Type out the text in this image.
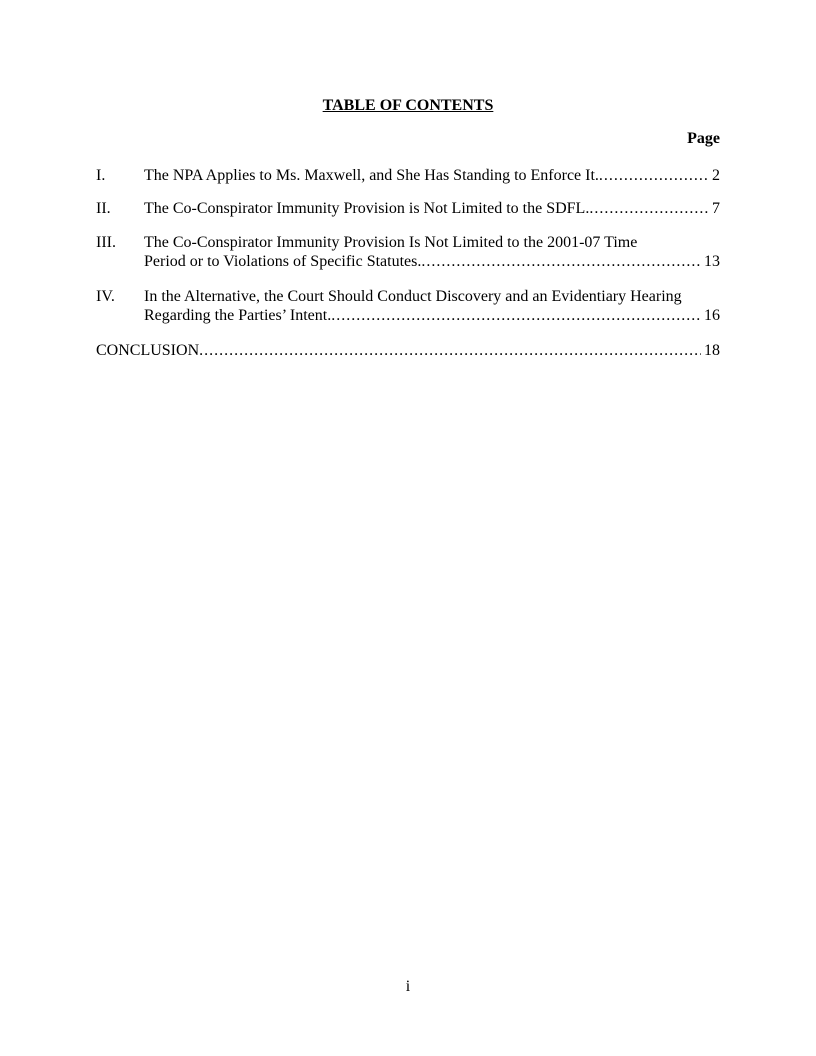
TABLE OF CONTENTS
Page
I. The NPA Applies to Ms. Maxwell, and She Has Standing to Enforce It. .....	2
II. The Co-Conspirator Immunity Provision is Not Limited to the SDFL. .....	7
III. The Co-Conspirator Immunity Provision Is Not Limited to the 2001-07 Time
Period or to Violations of Specific Statutes. .....	13
IV. In the Alternative, the Court Should Conduct Discovery and an Evidentiary Hearing
Regarding the Parties’ Intent. .....	16
CONCLUSION .....	18
i
